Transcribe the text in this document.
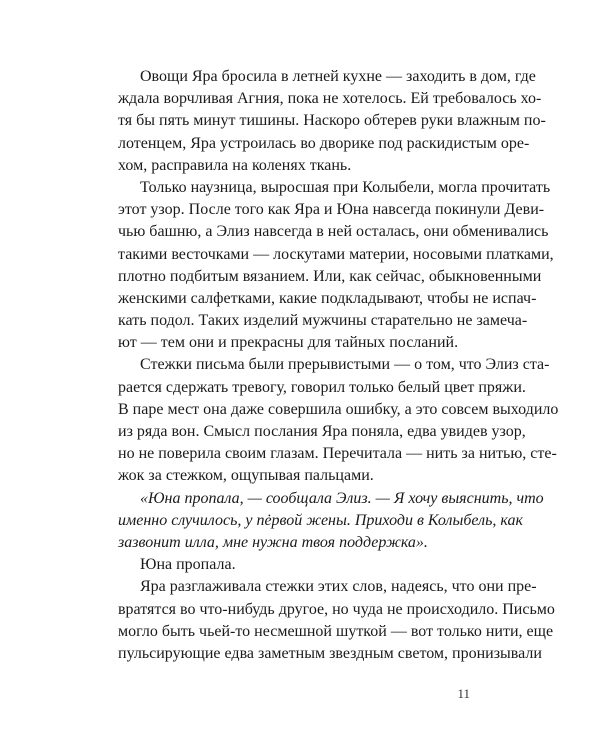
Овощи Яра бросила в летней кухне — заходить в дом, где
ждала ворчливая Агния, пока не хотелось. Ей требовалось хо-
тя бы пять минут тишины. Наскоро обтерев руки влажным по-
лотенцем, Яра устроилась во дворике под раскидистым оре-
хом, расправила на коленях ткань.
Только наузница, выросшая при Колыбели, могла прочитать
этот узор. После того как Яра и Юна навсегда покинули Деви-
чью башню, а Элиз навсегда в ней осталась, они обменивались
такими весточками — лоскутами материи, носовыми платками,
плотно подбитым вязанием. Или, как сейчас, обыкновенными
женскими салфетками, какие подкладывают, чтобы не испач-
кать подол. Таких изделий мужчины старательно не замеча-
ют — тем они и прекрасны для тайных посланий.
Стежки письма были прерывистыми — о том, что Элиз ста-
рается сдержать тревогу, говорил только белый цвет пряжи.
В паре мест она даже совершила ошибку, а это совсем выходило
из ряда вон. Смысл послания Яра поняла, едва увидев узор,
но не поверила своим глазам. Перечитала — нить за нитью, сте-
жок за стежком, ощупывая пальцами.
«Юна пропала, — сообщала Элиз. — Я хочу выяснить, что
именно случилось, у пėрвой жены. Приходи в Колыбель, как
зазвонит илла, мне нужна твоя поддержка».
Юна пропала.
Яра разглаживала стежки этих слов, надеясь, что они пре-
вратятся во что-нибудь другое, но чуда не происходило. Письмо
могло быть чьей-то несмешной шуткой — вот только нити, еще
пульсирующие едва заметным звездным светом, пронизывали
11
